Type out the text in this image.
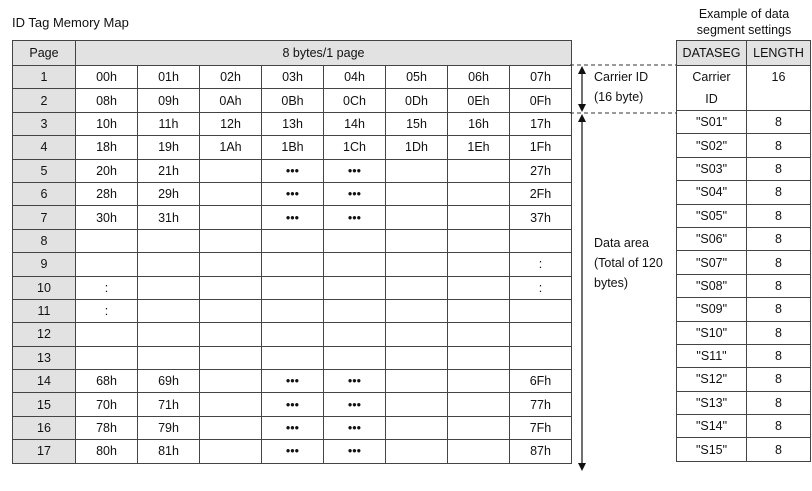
ID Tag Memory Map
Example of data
segment settings
Page	8 bytes/1 page							
1	00h	01h	02h	03h	04h	05h	06h	07h
2	08h	09h	0Ah	0Bh	0Ch	0Dh	0Eh	0Fh
3	10h	11h	12h	13h	14h	15h	16h	17h
4	18h	19h	1Ah	1Bh	1Ch	1Dh	1Eh	1Fh
5	20h	21h		•••	•••			27h
6	28h	29h		•••	•••			2Fh
7	30h	31h		•••	•••			37h
8								
9								:
10	:							:
11	:							
12								
13								
14	68h	69h		•••	•••			6Fh
15	70h	71h		•••	•••			77h
16	78h	79h		•••	•••			7Fh
17	80h	81h		•••	•••			87h
DATASEG	LENGTH

Carrier
ID	16

"S01"	8
"S02"	8
"S03"	8
"S04"	8
"S05"	8
"S06"	8
"S07"	8
"S08"	8
"S09"	8
"S10"	8
"S11"	8
"S12"	8
"S13"	8
"S14"	8
"S15"	8
Carrier ID
(16 byte)
Data area
(Total of 120
bytes)
